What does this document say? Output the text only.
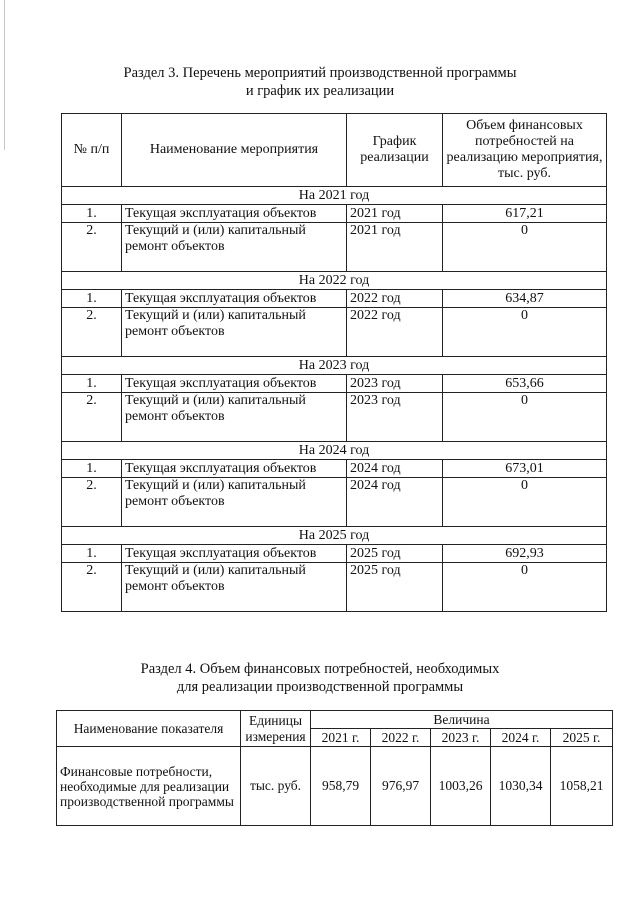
Раздел 3. Перечень мероприятий производственной программы
и график их реализации
№ п/п	Наименование мероприятия	График реализации	Объем финансовых потребностей на реализацию мероприятия, тыс. руб.
На 2021 год			
1.	Текущая эксплуатация объектов	2021 год	617,21
2.	Текущий и (или) капитальный ремонт объектов	2021 год	0
На 2022 год			
1.	Текущая эксплуатация объектов	2022 год	634,87
2.	Текущий и (или) капитальный ремонт объектов	2022 год	0
На 2023 год			
1.	Текущая эксплуатация объектов	2023 год	653,66
2.	Текущий и (или) капитальный ремонт объектов	2023 год	0
На 2024 год			
1.	Текущая эксплуатация объектов	2024 год	673,01
2.	Текущий и (или) капитальный ремонт объектов	2024 год	0
На 2025 год			
1.	Текущая эксплуатация объектов	2025 год	692,93
2.	Текущий и (или) капитальный ремонт объектов	2025 год	0
Раздел 4. Объем финансовых потребностей, необходимых
для реализации производственной программы
Наименование показателя	Единицы измерения	Величина				
		2021 г.	2022 г.	2023 г.	2024 г.	2025 г.
Финансовые потребности, необходимые для реализации производственной программы	тыс. руб.	958,79	976,97	1003,26	1030,34	1058,21
